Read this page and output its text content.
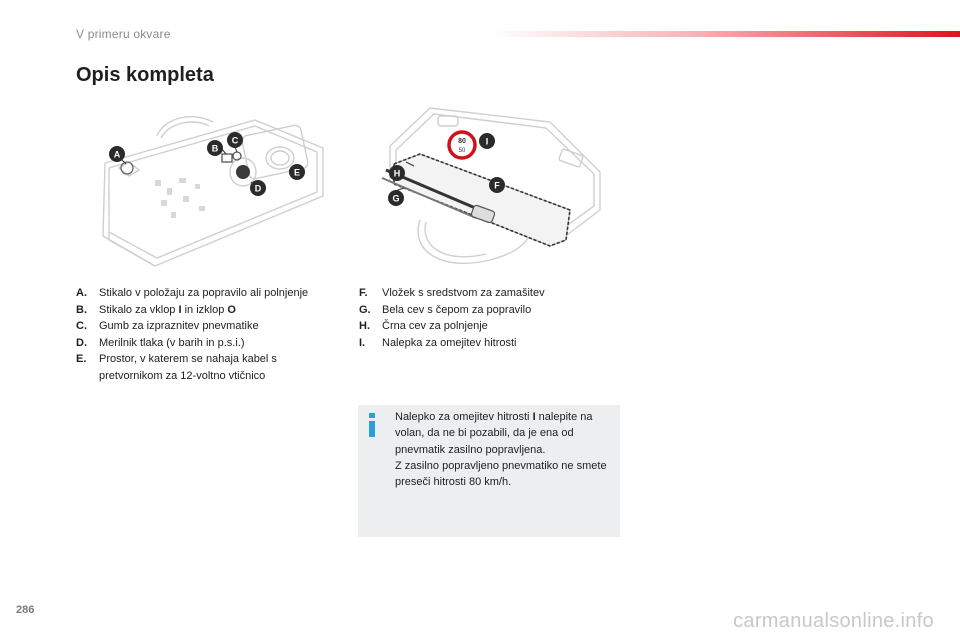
V primeru okvare
Opis kompleta
A
B
C
D
E
80
50
I
H
F
G
A.	Stikalo v položaju za popravilo ali polnjenje
B.	Stikalo za vklop I in izklop O
C.	Gumb za izpraznitev pnevmatike
D.	Merilnik tlaka (v barih in p.s.i.)
E.	Prostor, v katerem se nahaja kabel s
pretvornikom za 12-voltno vtičnico
F.	Vložek s sredstvom za zamašitev
G.	Bela cev s čepom za popravilo
H.	Črna cev za polnjenje
I.	Nalepka za omejitev hitrosti
Nalepko za omejitev hitrosti I nalepite na volan, da ne bi pozabili, da je ena od pnevmatik zasilno popravljena.
Z zasilno popravljeno pnevmatiko ne smete preseči hitrosti 80 km/h.
286	carmanualsonline.info
